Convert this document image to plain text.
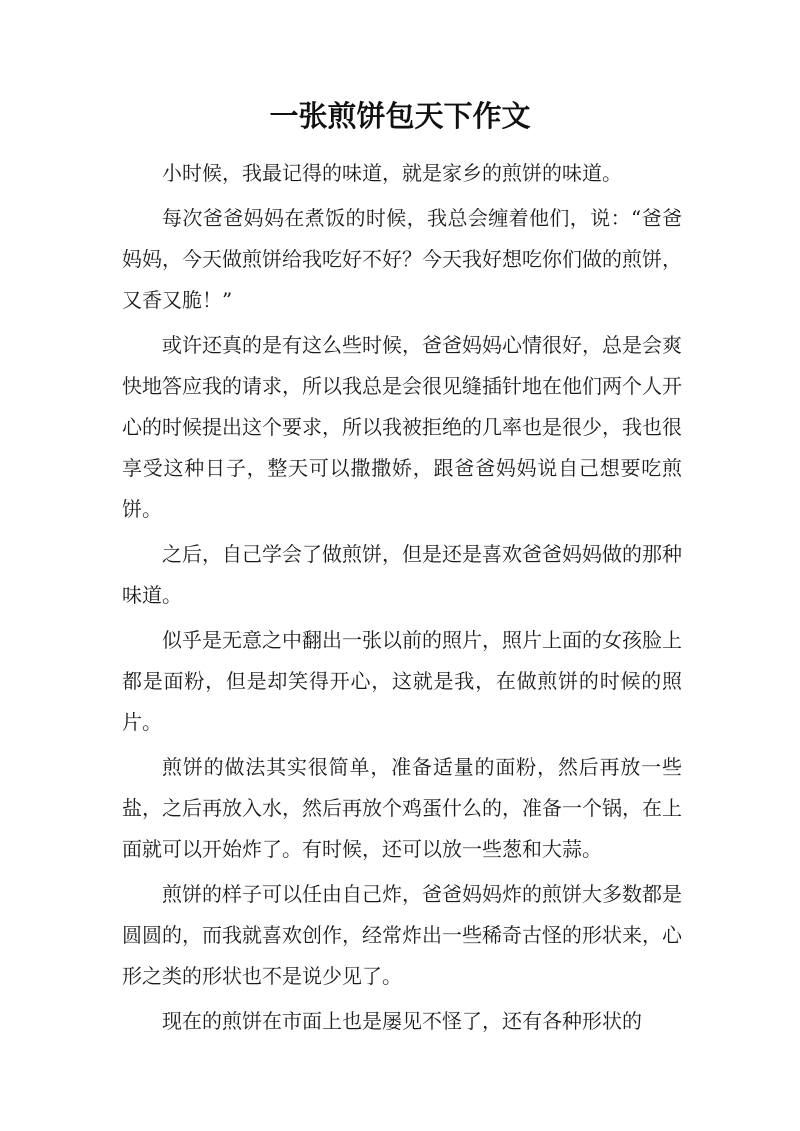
一张煎饼包天下作文

小时候，我最记得的味道，就是家乡的煎饼的味道。

每次爸爸妈妈在煮饭的时候，我总会缠着他们，说：“爸爸妈妈，今天做煎饼给我吃好不好？今天我好想吃你们做的煎饼，又香又脆！”

或许还真的是有这么些时候，爸爸妈妈心情很好，总是会爽快地答应我的请求，所以我总是会很见缝插针地在他们两个人开心的时候提出这个要求，所以我被拒绝的几率也是很少，我也很享受这种日子，整天可以撒撒娇，跟爸爸妈妈说自己想要吃煎饼。

之后，自己学会了做煎饼，但是还是喜欢爸爸妈妈做的那种味道。

似乎是无意之中翻出一张以前的照片，照片上面的女孩脸上都是面粉，但是却笑得开心，这就是我，在做煎饼的时候的照片。

煎饼的做法其实很简单，准备适量的面粉，然后再放一些盐，之后再放入水，然后再放个鸡蛋什么的，准备一个锅，在上面就可以开始炸了。有时候，还可以放一些葱和大蒜。

煎饼的样子可以任由自己炸，爸爸妈妈炸的煎饼大多数都是圆圆的，而我就喜欢创作，经常炸出一些稀奇古怪的形状来，心形之类的形状也不是说少见了。

现在的煎饼在市面上也是屡见不怪了，还有各种形状的
